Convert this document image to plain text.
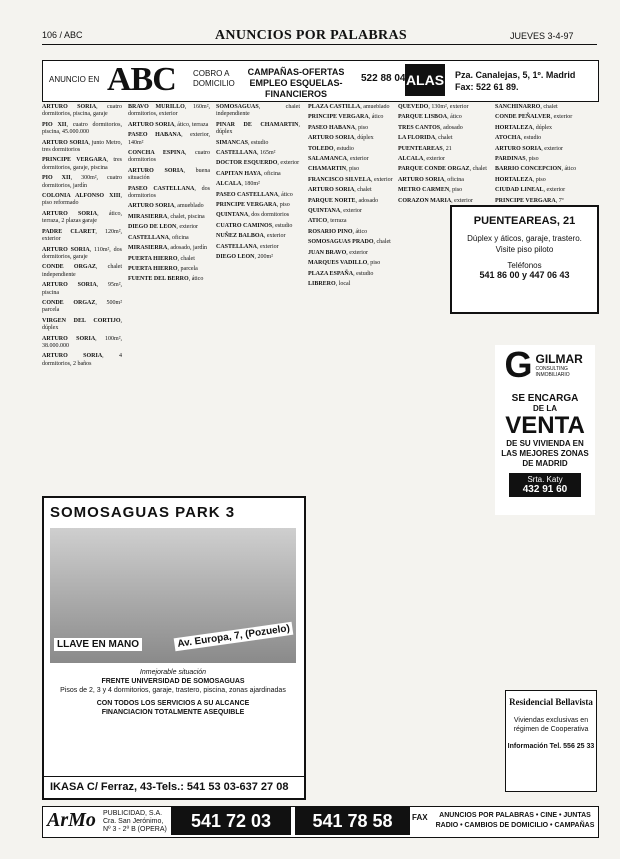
106 / ABC	ANUNCIOS POR PALABRAS	JUEVES 3-4-97
ANUNCIO EN ABC COBRO A DOMICILIO
CAMPAÑAS-OFERTAS EMPLEO ESQUELAS-FINANCIEROS
522 88 04 ALAS Pza. Canalejas, 5, 1º. Madrid
Fax: 522 61 89.

ARTURO SORIA, cuatro dormitorios, piscina, garaje

PIO XII, cuatro dormitorios, piscina, 45.000.000

ARTURO SORIA, junto Metro, tres dormitorios

PRINCIPE VERGARA, tres dormitorios, garaje, piscina

PIO XII, 300m², cuatro dormitorios, jardín

COLONIA ALFONSO XIII, piso reformado

ARTURO SORIA, ático, terraza, 2 plazas garaje

PADRE CLARET, 120m², exterior

ARTURO SORIA, 110m², dos dormitorios, garaje

CONDE ORGAZ, chalet independiente

ARTURO SORIA, 95m², piscina

CONDE ORGAZ, 500m² parcela

VIRGEN DEL CORTIJO, dúplex

ARTURO SORIA, 100m², 38.000.000

ARTURO SORIA, 4 dormitorios, 2 baños

BRAVO MURILLO, 160m², dormitorios, exterior

ARTURO SORIA, ático, terraza

PASEO HABANA, exterior, 140m²

CONCHA ESPINA, cuatro dormitorios

ARTURO SORIA, buena situación

PASEO CASTELLANA, dos dormitorios

ARTURO SORIA, amueblado

MIRASIERRA, chalet, piscina

DIEGO DE LEON, exterior

CASTELLANA, oficina

MIRASIERRA, adosado, jardín

PUERTA HIERRO, chalet

PUERTA HIERRO, parcela

FUENTE DEL BERRO, ático

SOMOSAGUAS, chalet independiente

PINAR DE CHAMARTIN, dúplex

SIMANCAS, estudio

CASTELLANA, 165m²

DOCTOR ESQUERDO, exterior

CAPITAN HAYA, oficina

ALCALA, 180m²

PASEO CASTELLANA, ático

PRINCIPE VERGARA, piso

QUINTANA, dos dormitorios

CUATRO CAMINOS, estudio

NUÑEZ BALBOA, exterior

CASTELLANA, exterior

DIEGO LEON, 200m²

PLAZA CASTILLA, amueblado

PRINCIPE VERGARA, ático

PASEO HABANA, piso

ARTURO SORIA, dúplex

TOLEDO, estudio

SALAMANCA, exterior

CHAMARTIN, piso

FRANCISCO SILVELA, exterior

ARTURO SORIA, chalet

PARQUE NORTE, adosado

QUINTANA, exterior

ATICO, terraza

ROSARIO PINO, ático

SOMOSAGUAS PRADO, chalet

JUAN BRAVO, exterior

MARQUES VADILLO, piso

PLAZA ESPAÑA, estudio

LIBRERO, local

QUEVEDO, 130m², exterior

PARQUE LISBOA, ático

TRES CANTOS, adosado

LA FLORIDA, chalet

PUENTEAREAS, 21

ALCALA, exterior

PARQUE CONDE ORGAZ, chalet

ARTURO SORIA, oficina

METRO CARMEN, piso

CORAZON MARIA, exterior

SANCHINARRO, chalet

CONDE PEÑALVER, exterior

HORTALEZA, dúplex

ATOCHA, estudio

ARTURO SORIA, exterior

PARDINAS, piso

BARRIO CONCEPCION, ático

HORTALEZA, piso

CIUDAD LINEAL, exterior

PRINCIPE VERGARA, 7º

SOMOSAGUAS PARK 3
LLAVE EN MANO	Av. Europa, 7, (Pozuelo)
Inmejorable situación
FRENTE UNIVERSIDAD DE SOMOSAGUAS
Pisos de 2, 3 y 4 dormitorios, garaje, trastero, piscina, zonas ajardinadas
CON TODOS LOS SERVICIOS A SU ALCANCE
FINANCIACION TOTALMENTE ASEQUIBLE
IKASA C/ Ferraz, 43-Tels.: 541 53 03-637 27 08
PUENTEAREAS, 21
Dúplex y áticos, garaje, trastero. Visite piso piloto
Teléfonos
541 86 00 y 447 06 43
G GILMAR
CONSULTING INMOBILIARIO
SE ENCARGA
DE LA
VENTA
DE SU VIVIENDA EN LAS MEJORES ZONAS DE MADRID
Srta. Katy
432 91 60
Residencial Bellavista
Viviendas exclusivas en régimen de Cooperativa
Información Tel. 556 25 33
ArMo PUBLICIDAD, S.A. Cra. San Jerónimo, Nº 3 - 2º B (OPERA)	541 72 03	541 78 58	FAX	ANUNCIOS POR PALABRAS • CINE • JUNTAS RADIO • CAMBIOS DE DOMICILIO • CAMPAÑAS
